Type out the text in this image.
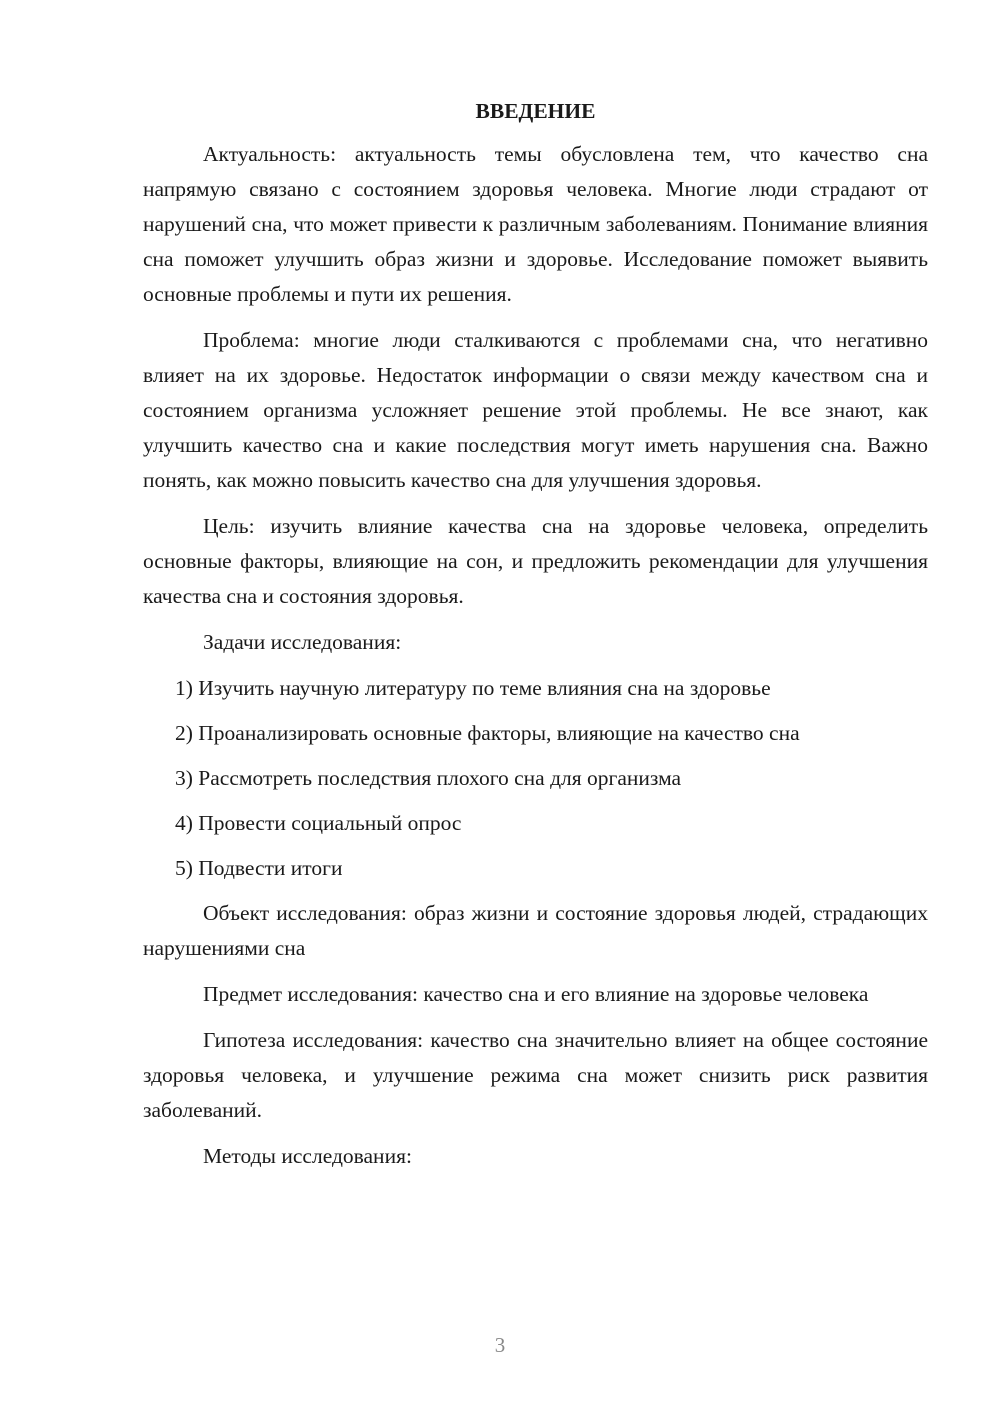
ВВЕДЕНИЕ

Актуальность: актуальность темы обусловлена тем, что качество сна напрямую связано с состоянием здоровья человека. Многие люди страдают от нарушений сна, что может привести к различным заболеваниям. Понимание влияния сна поможет улучшить образ жизни и здоровье. Исследование поможет выявить основные проблемы и пути их решения.

Проблема: многие люди сталкиваются с проблемами сна, что негативно влияет на их здоровье. Недостаток информации о связи между качеством сна и состоянием организма усложняет решение этой проблемы. Не все знают, как улучшить качество сна и какие последствия могут иметь нарушения сна. Важно понять, как можно повысить качество сна для улучшения здоровья.

Цель: изучить влияние качества сна на здоровье человека, определить основные факторы, влияющие на сон, и предложить рекомендации для улучшения качества сна и состояния здоровья.

Задачи исследования:

1) Изучить научную литературу по теме влияния сна на здоровье
2) Проанализировать основные факторы, влияющие на качество сна
3) Рассмотреть последствия плохого сна для организма
4) Провести социальный опрос
5) Подвести итоги

Объект исследования: образ жизни и состояние здоровья людей, страдающих нарушениями сна

Предмет исследования: качество сна и его влияние на здоровье человека

Гипотеза исследования: качество сна значительно влияет на общее состояние здоровья человека, и улучшение режима сна может снизить риск развития заболеваний.

Методы исследования:

3
